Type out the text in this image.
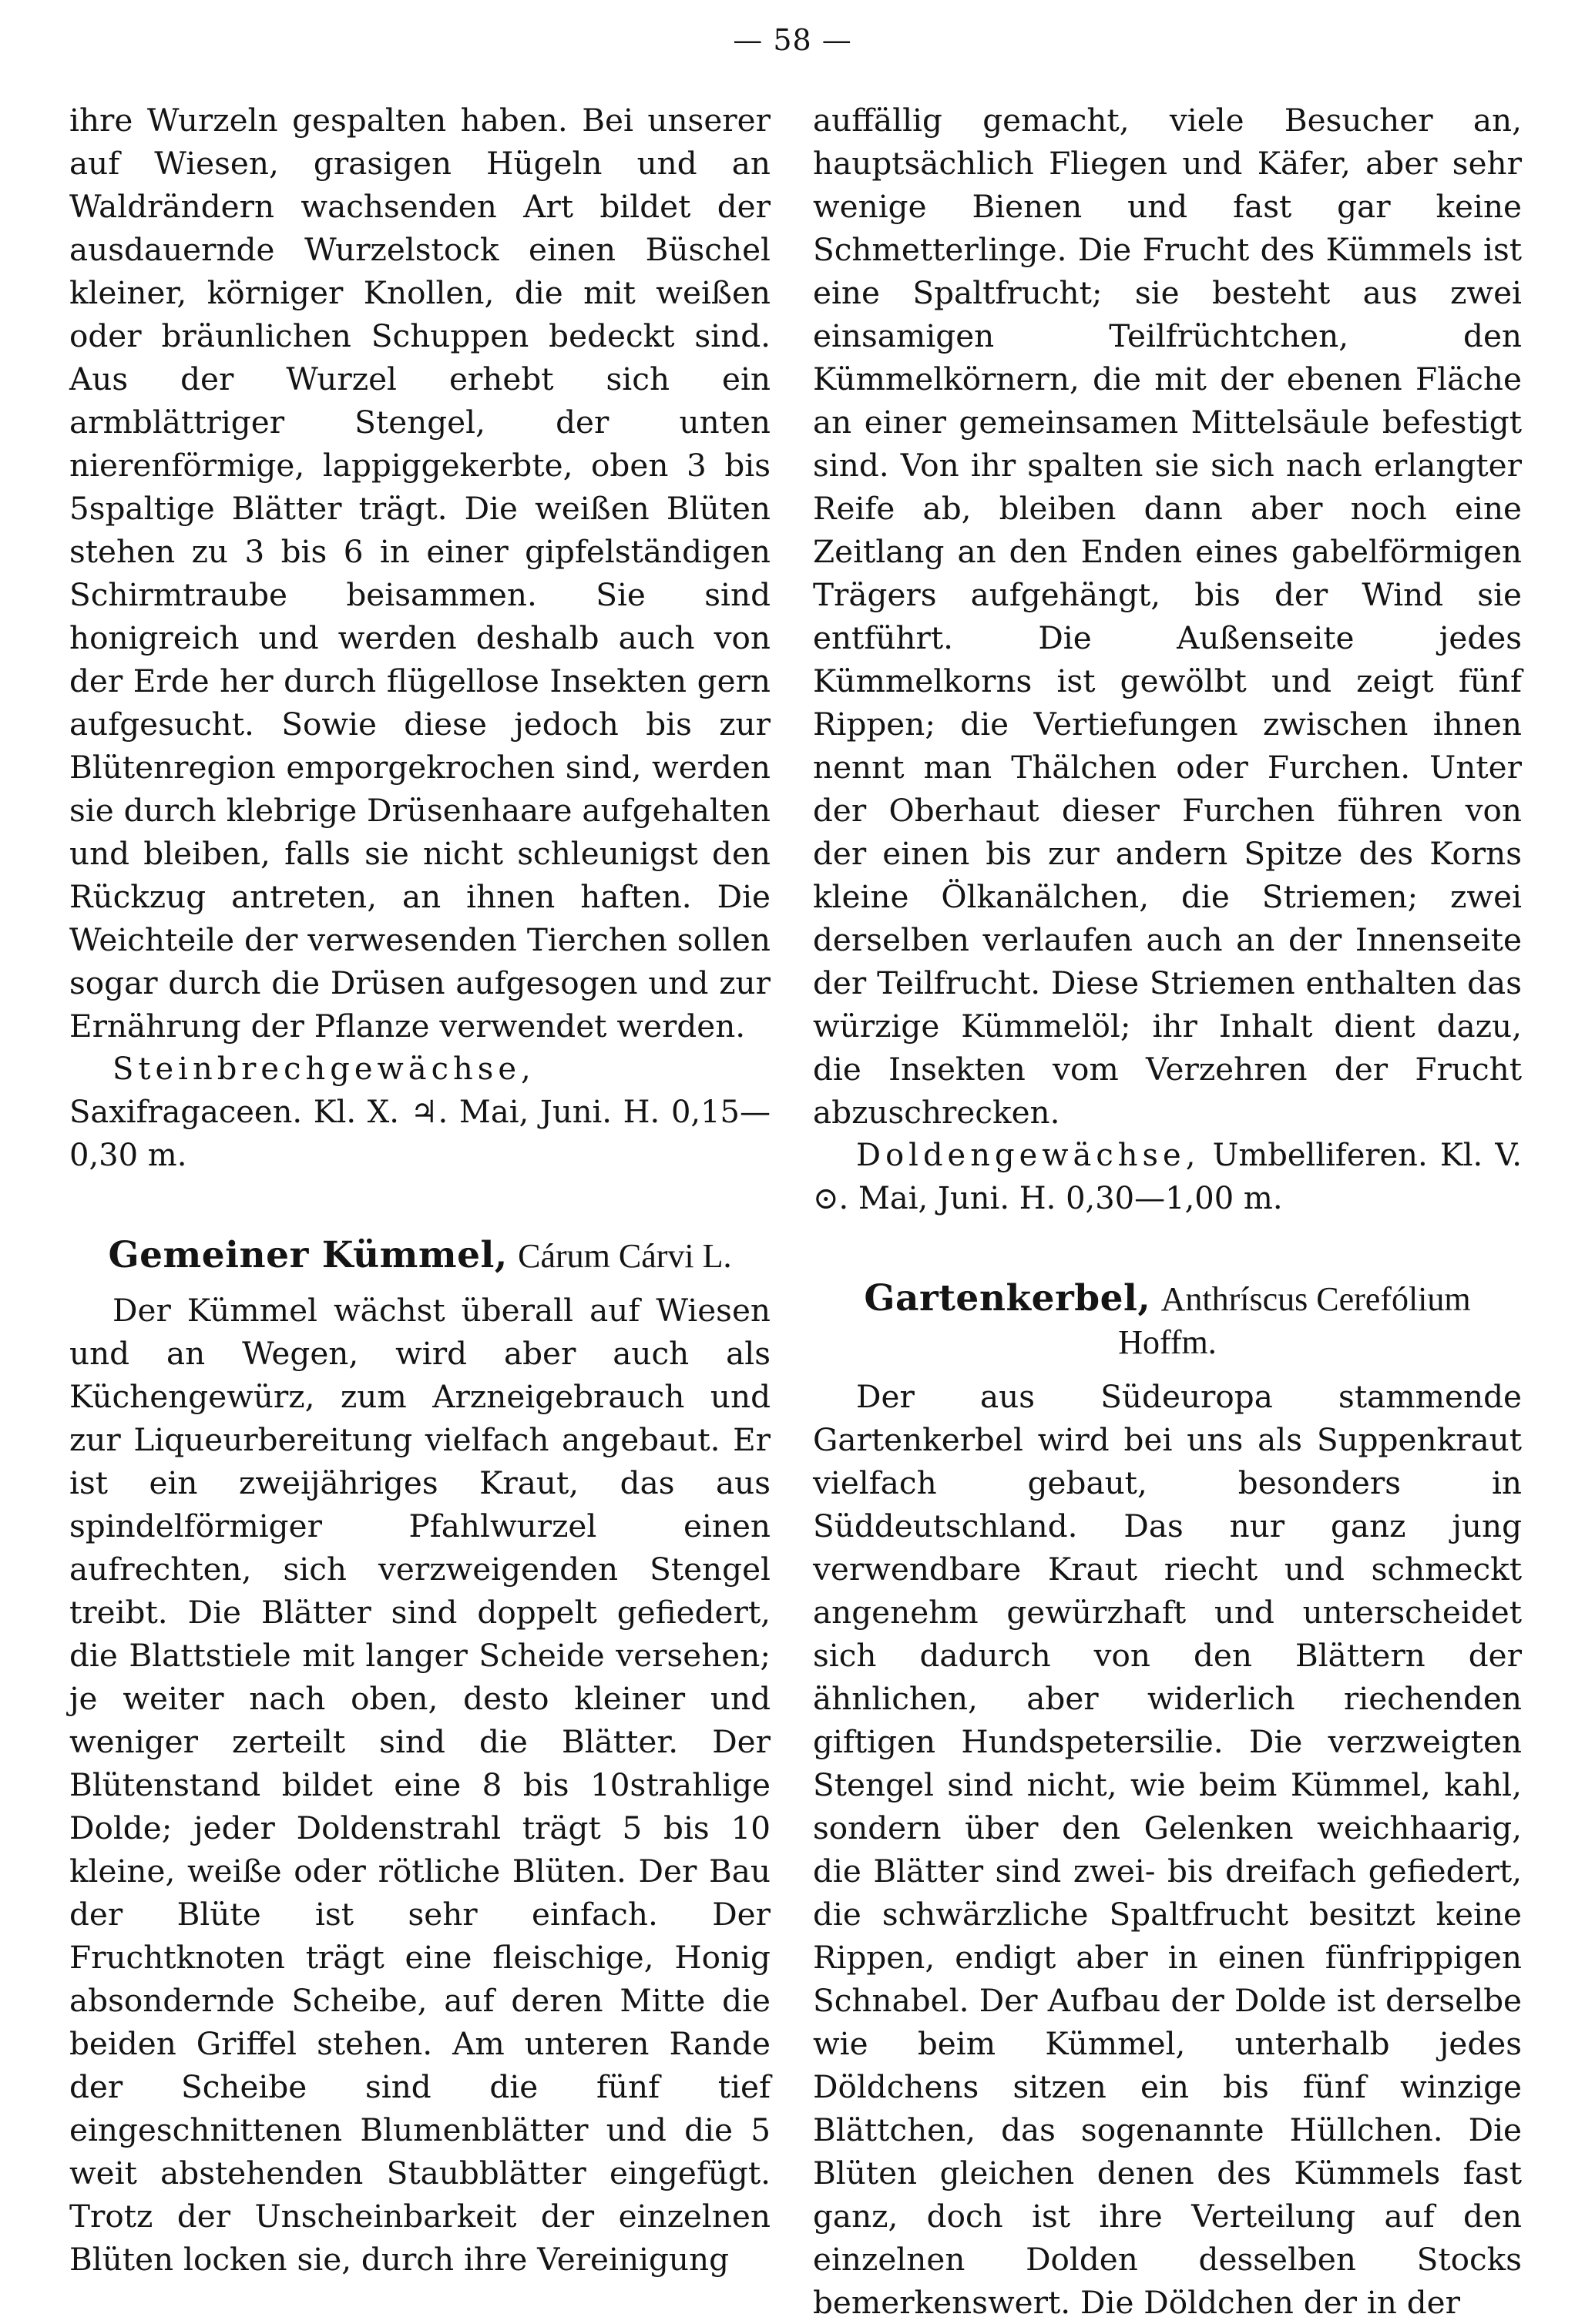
— 58 —

ihre Wurzeln gespalten haben. Bei unserer auf Wiesen, grasigen Hügeln und an Waldrändern wachsenden Art bildet der ausdauernde Wurzelstock einen Büschel kleiner, körniger Knollen, die mit weißen oder bräunlichen Schuppen bedeckt sind. Aus der Wurzel erhebt sich ein armblättriger Stengel, der unten nierenförmige, lappiggekerbte, oben 3 bis 5spaltige Blätter trägt. Die weißen Blüten stehen zu 3 bis 6 in einer gipfelständigen Schirmtraube beisammen. Sie sind honigreich und werden deshalb auch von der Erde her durch flügellose Insekten gern aufgesucht. Sowie diese jedoch bis zur Blütenregion emporgekrochen sind, werden sie durch klebrige Drüsenhaare aufgehalten und bleiben, falls sie nicht schleunigst den Rückzug antreten, an ihnen haften. Die Weichteile der verwesenden Tierchen sollen sogar durch die Drüsen aufgesogen und zur Ernährung der Pflanze verwendet werden.

Steinbrechgewächse, Saxifragaceen. Kl. X. ♃. Mai, Juni. H. 0,15—0,30 m.

Gemeiner Kümmel, Cárum Cárvi L.

Der Kümmel wächst überall auf Wiesen und an Wegen, wird aber auch als Küchengewürz, zum Arzneigebrauch und zur Liqueurbereitung vielfach angebaut. Er ist ein zweijähriges Kraut, das aus spindelförmiger Pfahlwurzel einen aufrechten, sich verzweigenden Stengel treibt. Die Blätter sind doppelt gefiedert, die Blattstiele mit langer Scheide versehen; je weiter nach oben, desto kleiner und weniger zerteilt sind die Blätter. Der Blütenstand bildet eine 8 bis 10strahlige Dolde; jeder Doldenstrahl trägt 5 bis 10 kleine, weiße oder rötliche Blüten. Der Bau der Blüte ist sehr einfach. Der Fruchtknoten trägt eine fleischige, Honig absondernde Scheibe, auf deren Mitte die beiden Griffel stehen. Am unteren Rande der Scheibe sind die fünf tief eingeschnittenen Blumenblätter und die 5 weit abstehenden Staubblätter eingefügt. Trotz der Unscheinbarkeit der einzelnen Blüten locken sie, durch ihre Vereinigung

auffällig gemacht, viele Besucher an, hauptsächlich Fliegen und Käfer, aber sehr wenige Bienen und fast gar keine Schmetterlinge. Die Frucht des Kümmels ist eine Spaltfrucht; sie besteht aus zwei einsamigen Teilfrüchtchen, den Kümmelkörnern, die mit der ebenen Fläche an einer gemeinsamen Mittelsäule befestigt sind. Von ihr spalten sie sich nach erlangter Reife ab, bleiben dann aber noch eine Zeitlang an den Enden eines gabelförmigen Trägers aufgehängt, bis der Wind sie entführt. Die Außenseite jedes Kümmelkorns ist gewölbt und zeigt fünf Rippen; die Vertiefungen zwischen ihnen nennt man Thälchen oder Furchen. Unter der Oberhaut dieser Furchen führen von der einen bis zur andern Spitze des Korns kleine Ölkanälchen, die Striemen; zwei derselben verlaufen auch an der Innenseite der Teilfrucht. Diese Striemen enthalten das würzige Kümmelöl; ihr Inhalt dient dazu, die Insekten vom Verzehren der Frucht abzuschrecken.

Doldengewächse, Umbelliferen. Kl. V. ⊙. Mai, Juni. H. 0,30—1,00 m.

Gartenkerbel, Anthríscus Cerefólium Hoffm.

Der aus Südeuropa stammende Gartenkerbel wird bei uns als Suppenkraut vielfach gebaut, besonders in Süddeutschland. Das nur ganz jung verwendbare Kraut riecht und schmeckt angenehm gewürzhaft und unterscheidet sich dadurch von den Blättern der ähnlichen, aber widerlich riechenden giftigen Hundspetersilie. Die verzweigten Stengel sind nicht, wie beim Kümmel, kahl, sondern über den Gelenken weichhaarig, die Blätter sind zwei- bis dreifach gefiedert, die schwärzliche Spaltfrucht besitzt keine Rippen, endigt aber in einen fünfrippigen Schnabel. Der Aufbau der Dolde ist derselbe wie beim Kümmel, unterhalb jedes Döldchens sitzen ein bis fünf winzige Blättchen, das sogenannte Hüllchen. Die Blüten gleichen denen des Kümmels fast ganz, doch ist ihre Verteilung auf den einzelnen Dolden desselben Stocks bemerkenswert. Die Döldchen der in der
